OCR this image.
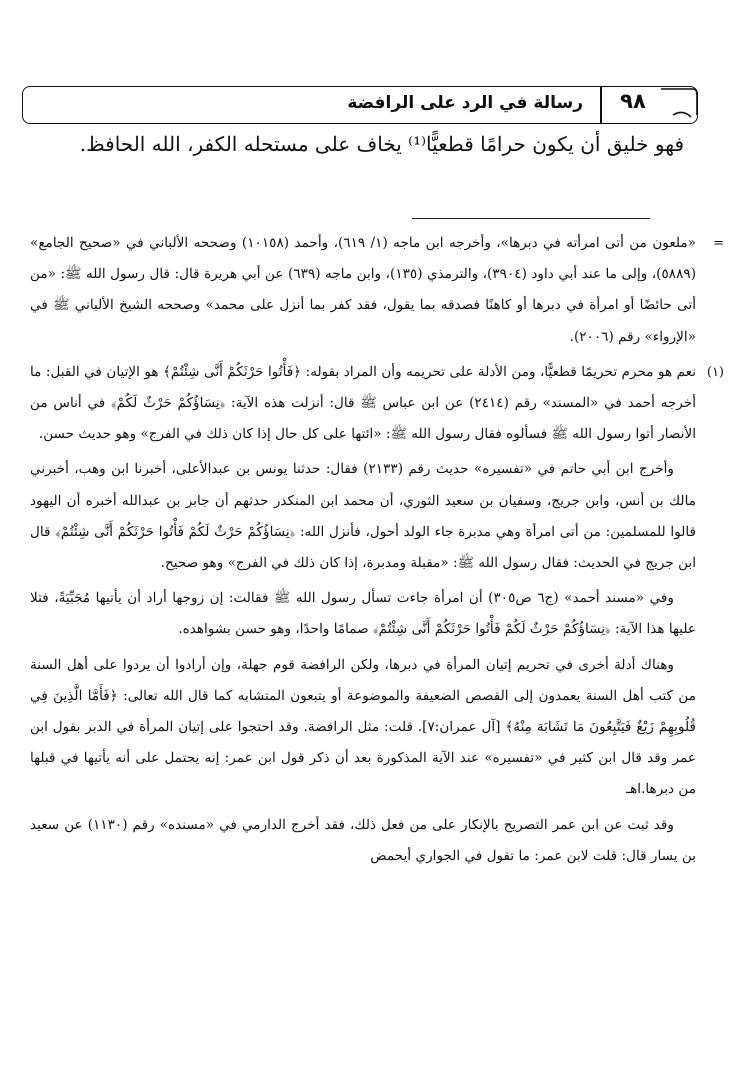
٩٨
رسالة في الرد على الرافضة
فهو خليق أن يكون حرامًا قطعيًّا⁽¹⁾ يخاف على مستحله الكفر، الله الحافظ.

=
«ملعون من أتى امرأته في دبرها»، وأخرجه ابن ماجه (١/ ٦١٩)، وأحمد (١٠١٥٨) وصححه الألباني في «صحيح الجامع» (٥٨٨٩)، وإلى ما عند أبي داود (٣٩٠٤)، والترمذي (١٣٥)، وابن ماجه (٦٣٩) عن أبي هريرة قال: قال رسول الله ﷺ: «من أتى حائضًا أو امرأة في دبرها أو كاهنًا فصدقه بما يقول، فقد كفر بما أنزل على محمد» وصححه الشيخ الألباني ﷺ في «الإرواء» رقم (٢٠٠٦).

(١)
نعم هو محرم تحريمًا قطعيًّا، ومن الأدلة على تحريمه وأن المراد بقوله: ﴿فَأْتُوا حَرْثَكُمْ أَنَّى شِئْتُمْ﴾ هو الإتيان في القبل: ما أخرجه أحمد في «المسند» رقم (٢٤١٤) عن ابن عباس ﷺ قال: أنزلت هذه الآية: ﴿نِسَاؤُكُمْ حَرْثٌ لَكُمْ﴾ في أناس من الأنصار أتوا رسول الله ﷺ فسألوه فقال رسول الله ﷺ: «ائتها على كل حال إذا كان ذلك في الفرج» وهو حديث حسن.

وأخرج ابن أبي حاتم في «تفسيره» حديث رقم (٢١٣٣) فقال: حدثنا يونس بن عبدالأعلى، أخبرنا ابن وهب، أخبرني مالك بن أنس، وابن جريج، وسفيان بن سعيد الثوري، أن محمد ابن المنكدر حدثهم أن جابر بن عبدالله أخبره أن اليهود قالوا للمسلمين: من أتى امرأة وهي مدبرة جاء الولد أحول، فأنزل الله: ﴿نِسَاؤُكُمْ حَرْثٌ لَكُمْ فَأْتُوا حَرْثَكُمْ أَنَّى شِئْتُمْ﴾ قال ابن جريج في الحديث: فقال رسول الله ﷺ: «مقبلة ومدبرة، إذا كان ذلك في الفرج» وهو صحيح.

وفي «مسند أحمد» (ج٦ ص٣٠٥) أن امرأة جاءت تسأل رسول الله ﷺ فقالت: إن زوجها أراد أن يأتيها مُجَبِّيَةً، فتلا عليها هذا الآية: ﴿نِسَاؤُكُمْ حَرْثٌ لَكُمْ فَأْتُوا حَرْثَكُمْ أَنَّى شِئْتُمْ﴾ صمامًا واحدًا، وهو حسن بشواهده.

وهناك أدلة أخرى في تحريم إتيان المرأة في دبرها، ولكن الرافضة قوم جهلة، وإن أرادوا أن يردوا على أهل السنة من كتب أهل السنة يعمدون إلى القصص الضعيفة والموضوعة أو يتبعون المتشابه كما قال الله تعالى: ﴿فَأَمَّا الَّذِينَ فِي قُلُوبِهِمْ زَيْغٌ فَيَتَّبِعُونَ مَا تَشَابَهَ مِنْهُ﴾ [آل عمران:٧]. قلت: مثل الرافضة. وقد احتجوا على إتيان المرأة في الدبر بقول ابن عمر وقد قال ابن كثير في «تفسيره» عند الآية المذكورة بعد أن ذكر قول ابن عمر: إنه يحتمل على أنه يأتيها في قبلها من دبرها.اهـ

وقد ثبت عن ابن عمر التصريح بالإنكار على من فعل ذلك، فقد أخرج الدارمي في «مسنده» رقم (١١٣٠) عن سعيد بن يسار قال: قلت لابن عمر: ما تقول في الجواري أيحمض
